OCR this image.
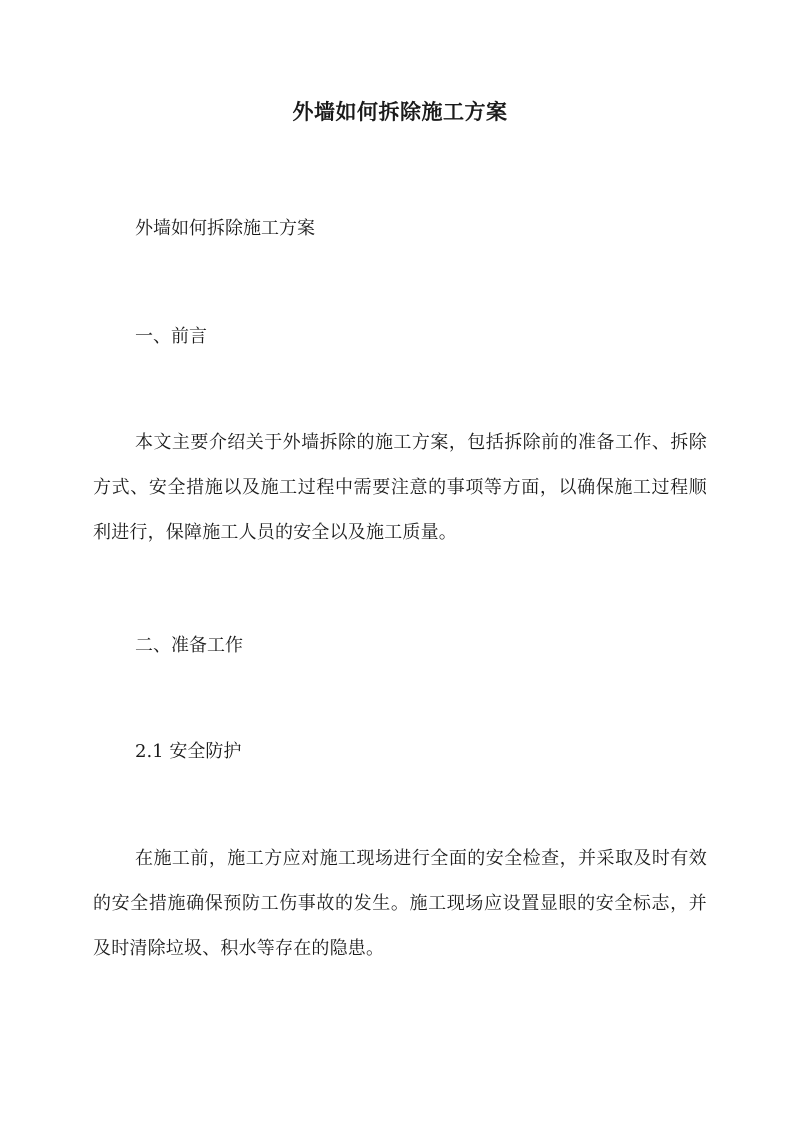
外墙如何拆除施工方案
外墙如何拆除施工方案
一、前言
本文主要介绍关于外墙拆除的施工方案，包括拆除前的准备工作、拆除方式、安全措施以及施工过程中需要注意的事项等方面，以确保施工过程顺利进行，保障施工人员的安全以及施工质量。
二、准备工作
2.1 安全防护
在施工前，施工方应对施工现场进行全面的安全检查，并采取及时有效的安全措施确保预防工伤事故的发生。施工现场应设置显眼的安全标志，并及时清除垃圾、积水等存在的隐患。
